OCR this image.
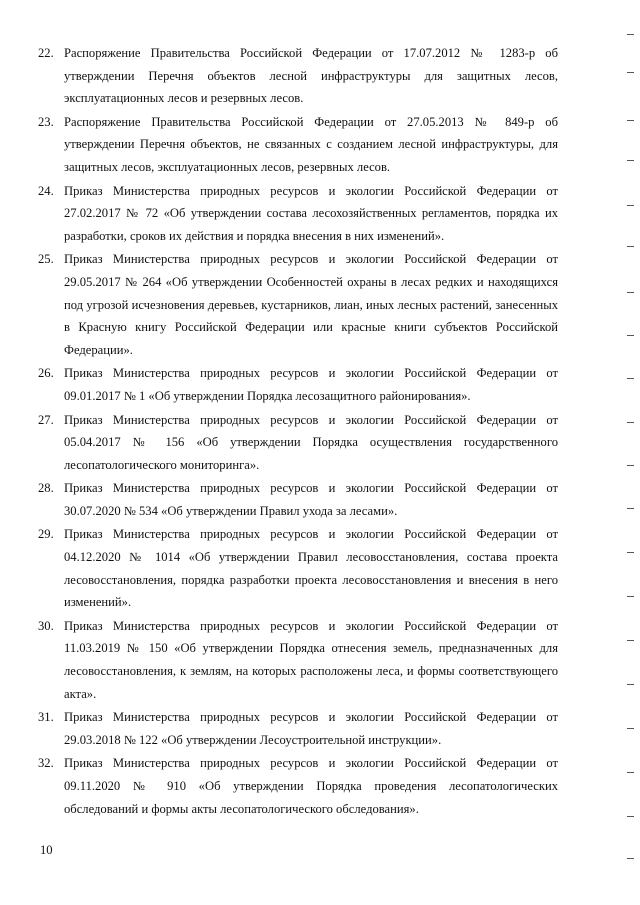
22. Распоряжение Правительства Российской Федерации от 17.07.2012 № 1283-р об утверждении Перечня объектов лесной инфраструктуры для защитных лесов, эксплуатационных лесов и резервных лесов.

23. Распоряжение Правительства Российской Федерации от 27.05.2013 № 849-р об утверждении Перечня объектов, не связанных с созданием лесной инфраструктуры, для защитных лесов, эксплуатационных лесов, резервных лесов.

24. Приказ Министерства природных ресурсов и экологии Российской Федерации от 27.02.2017 № 72 «Об утверждении состава лесохозяйственных регламентов, порядка их разработки, сроков их действия и порядка внесения в них изменений».

25. Приказ Министерства природных ресурсов и экологии Российской Федерации от 29.05.2017 № 264 «Об утверждении Особенностей охраны в лесах редких и находящихся под угрозой исчезновения деревьев, кустарников, лиан, иных лесных растений, занесенных в Красную книгу Российской Федерации или красные книги субъектов Российской Федерации».

26. Приказ Министерства природных ресурсов и экологии Российской Федерации от 09.01.2017 № 1 «Об утверждении Порядка лесозащитного районирования».

27. Приказ Министерства природных ресурсов и экологии Российской Федерации от 05.04.2017 № 156 «Об утверждении Порядка осуществления государственного лесопатологического мониторинга».

28. Приказ Министерства природных ресурсов и экологии Российской Федерации от 30.07.2020 № 534 «Об утверждении Правил ухода за лесами».

29. Приказ Министерства природных ресурсов и экологии Российской Федерации от 04.12.2020 № 1014 «Об утверждении Правил лесовосстановления, состава проекта лесовосстановления, порядка разработки проекта лесовосстановления и внесения в него изменений».

30. Приказ Министерства природных ресурсов и экологии Российской Федерации от 11.03.2019 № 150 «Об утверждении Порядка отнесения земель, предназначенных для лесовосстановления, к землям, на которых расположены леса, и формы соответствующего акта».

31. Приказ Министерства природных ресурсов и экологии Российской Федерации от 29.03.2018 № 122 «Об утверждении Лесоустроительной инструкции».

32. Приказ Министерства природных ресурсов и экологии Российской Федерации от 09.11.2020 № 910 «Об утверждении Порядка проведения лесопатологических обследований и формы акты лесопатологического обследования».

10
